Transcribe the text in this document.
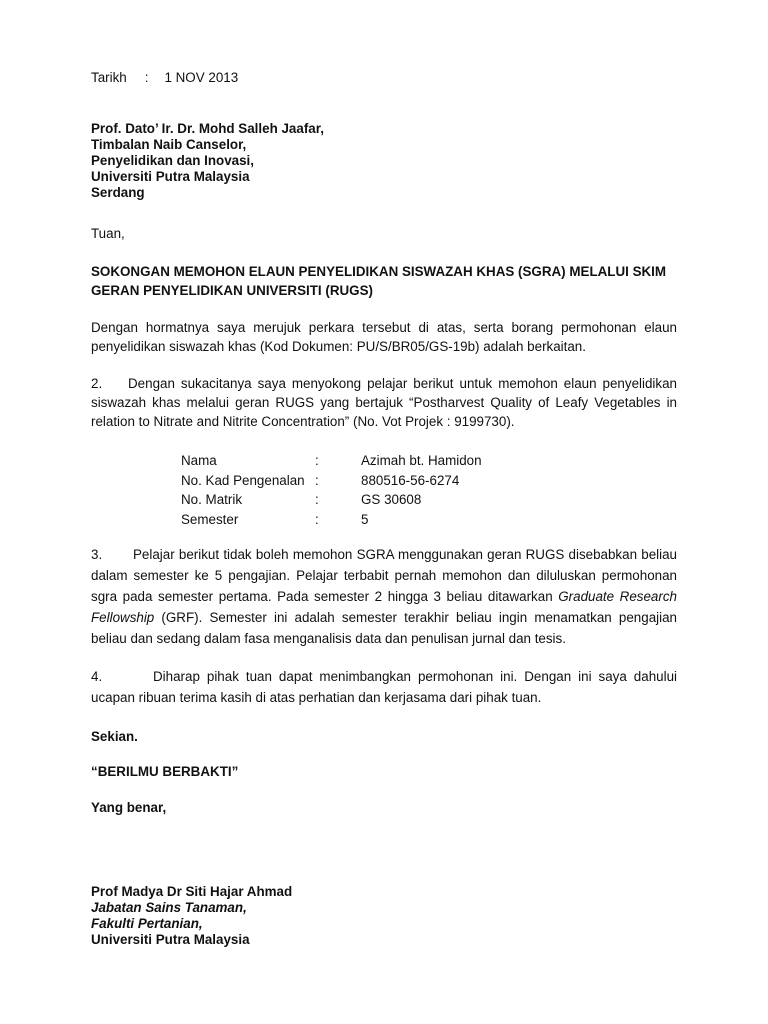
Tarikh : 1 NOV 2013
Prof. Dato’ Ir. Dr. Mohd Salleh Jaafar,
Timbalan Naib Canselor,
Penyelidikan dan Inovasi,
Universiti Putra Malaysia
Serdang
Tuan,
SOKONGAN MEMOHON ELAUN PENYELIDIKAN SISWAZAH KHAS (SGRA) MELALUI SKIM
GERAN PENYELIDIKAN UNIVERSITI (RUGS)
Dengan hormatnya saya merujuk perkara tersebut di atas, serta borang permohonan elaun penyelidikan siswazah khas (Kod Dokumen: PU/S/BR05/GS-19b) adalah berkaitan.
2. Dengan sukacitanya saya menyokong pelajar berikut untuk memohon elaun penyelidikan siswazah khas melalui geran RUGS yang bertajuk “Postharvest Quality of Leafy Vegetables in relation to Nitrate and Nitrite Concentration” (No. Vot Projek : 9199730).
Nama	:	Azimah bt. Hamidon
No. Kad Pengenalan :	880516-56-6274
No. Matrik	:	GS 30608
Semester	:	5
3. Pelajar berikut tidak boleh memohon SGRA menggunakan geran RUGS disebabkan beliau dalam semester ke 5 pengajian. Pelajar terbabit pernah memohon dan diluluskan permohonan sgra pada semester pertama. Pada semester 2 hingga 3 beliau ditawarkan Graduate Research Fellowship (GRF). Semester ini adalah semester terakhir beliau ingin menamatkan pengajian beliau dan sedang dalam fasa menganalisis data dan penulisan jurnal dan tesis.
4.	Diharap pihak tuan dapat menimbangkan permohonan ini. Dengan ini saya dahului ucapan ribuan terima kasih di atas perhatian dan kerjasama dari pihak tuan.
Sekian.
“BERILMU BERBAKTI”
Yang benar,
Prof Madya Dr Siti Hajar Ahmad
Jabatan Sains Tanaman,
Fakulti Pertanian,
Universiti Putra Malaysia
